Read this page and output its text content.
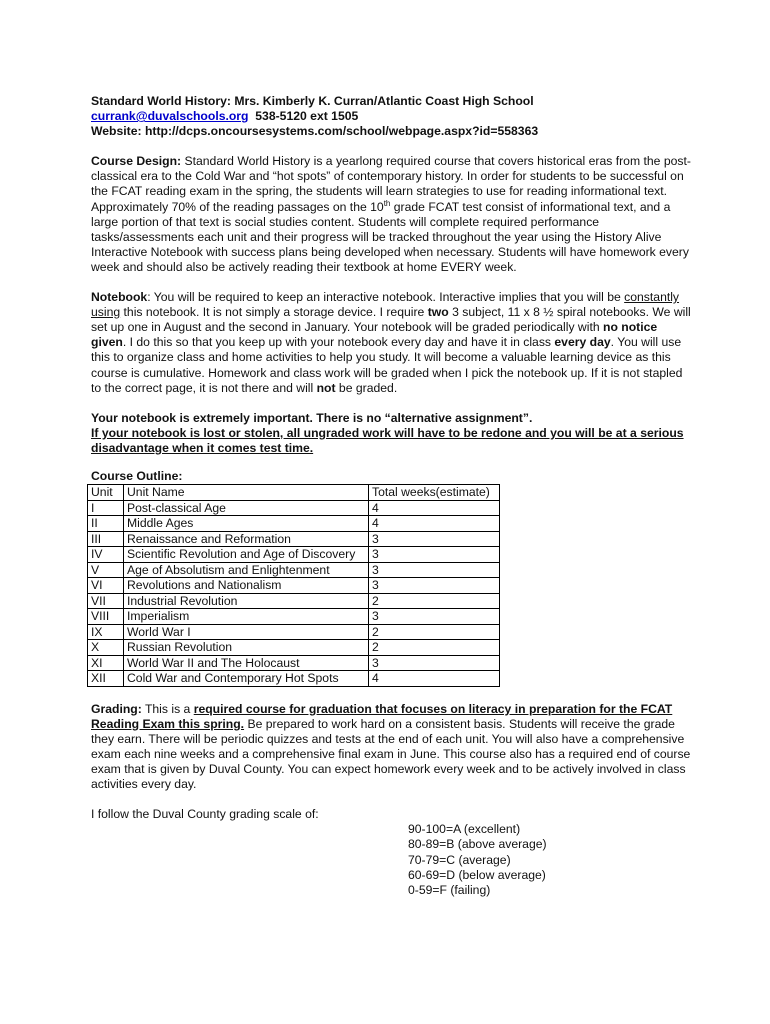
Standard World History: Mrs. Kimberly K. Curran/Atlantic Coast High School

currank@duvalschools.org 538-5120 ext 1505

Website: http://dcps.oncoursesystems.com/school/webpage.aspx?id=558363

Course Design: Standard World History is a yearlong required course that covers historical eras from the post-classical era to the Cold War and “hot spots” of contemporary history. In order for students to be successful on the FCAT reading exam in the spring, the students will learn strategies to use for reading informational text. Approximately 70% of the reading passages on the 10th grade FCAT test consist of informational text, and a large portion of that text is social studies content. Students will complete required performance tasks/assessments each unit and their progress will be tracked throughout the year using the History Alive Interactive Notebook with success plans being developed when necessary. Students will have homework every week and should also be actively reading their textbook at home EVERY week.

Notebook: You will be required to keep an interactive notebook. Interactive implies that you will be constantly using this notebook. It is not simply a storage device. I require two 3 subject, 11 x 8 ½ spiral notebooks. We will set up one in August and the second in January. Your notebook will be graded periodically with no notice given. I do this so that you keep up with your notebook every day and have it in class every day. You will use this to organize class and home activities to help you study. It will become a valuable learning device as this course is cumulative. Homework and class work will be graded when I pick the notebook up. If it is not stapled to the correct page, it is not there and will not be graded.

Your notebook is extremely important. There is no “alternative assignment”.

If your notebook is lost or stolen, all ungraded work will have to be redone and you will be at a serious disadvantage when it comes test time.

Course Outline:

Unit	Unit Name	Total weeks(estimate)
I	Post-classical Age	4
II	Middle Ages	4
III	Renaissance and Reformation	3
IV	Scientific Revolution and Age of Discovery	3
V	Age of Absolutism and Enlightenment	3
VI	Revolutions and Nationalism	3
VII	Industrial Revolution	2
VIII	Imperialism	3
IX	World War I	2
X	Russian Revolution	2
XI	World War II and The Holocaust	3
XII	Cold War and Contemporary Hot Spots	4

Grading: This is a required course for graduation that focuses on literacy in preparation for the FCAT Reading Exam this spring. Be prepared to work hard on a consistent basis. Students will receive the grade they earn. There will be periodic quizzes and tests at the end of each unit. You will also have a comprehensive exam each nine weeks and a comprehensive final exam in June. This course also has a required end of course exam that is given by Duval County. You can expect homework every week and to be actively involved in class activities every day.

I follow the Duval County grading scale of:

90-100=A (excellent)
80-89=B (above average)
70-79=C (average)
60-69=D (below average)
0-59=F (failing)
